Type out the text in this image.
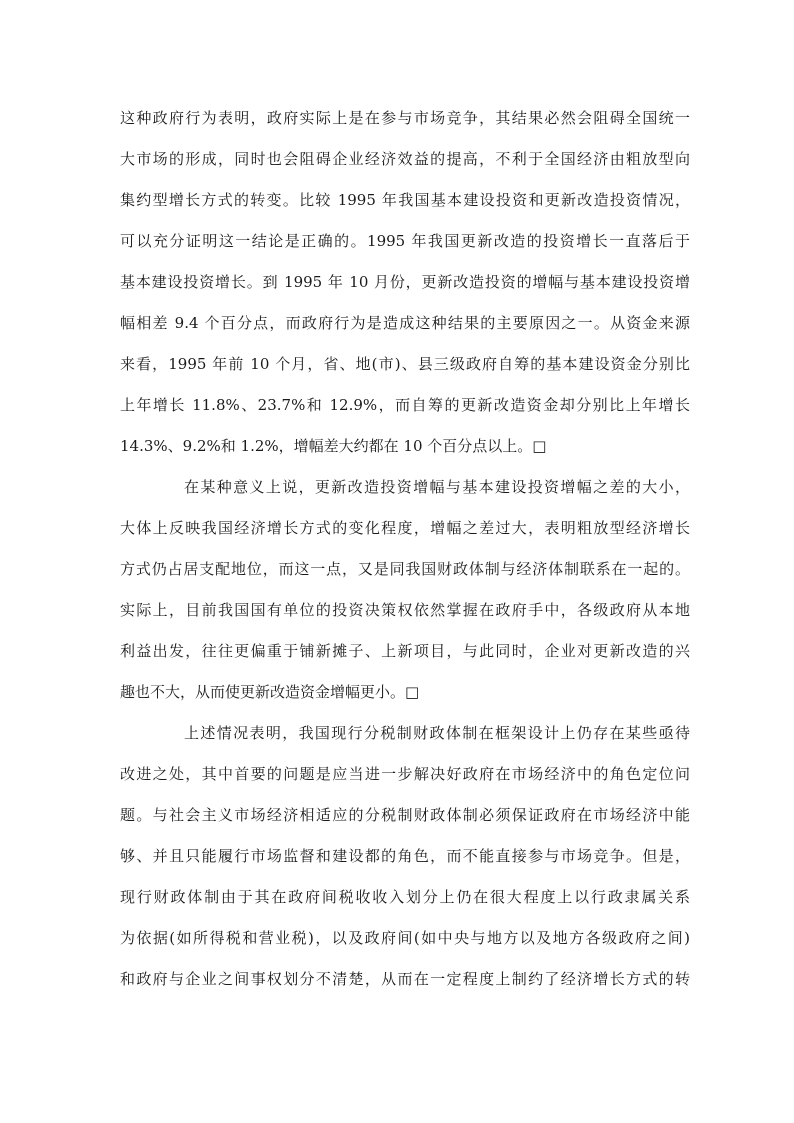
这种政府行为表明，政府实际上是在参与市场竞争，其结果必然会阻碍全国统一
大市场的形成，同时也会阻碍企业经济效益的提高，不利于全国经济由粗放型向
集约型增长方式的转变。比较 1995 年我国基本建设投资和更新改造投资情况，
可以充分证明这一结论是正确的。1995 年我国更新改造的投资增长一直落后于
基本建设投资增长。到 1995 年 10 月份，更新改造投资的增幅与基本建设投资增
幅相差 9.4 个百分点，而政府行为是造成这种结果的主要原因之一。从资金来源
来看，1995 年前 10 个月，省、地(市)、县三级政府自筹的基本建设资金分别比
上年增长 11.8%、23.7%和 12.9%，而自筹的更新改造资金却分别比上年增长
14.3%、9.2%和 1.2%，增幅差大约都在 10 个百分点以上。□
在某种意义上说，更新改造投资增幅与基本建设投资增幅之差的大小，
大体上反映我国经济增长方式的变化程度，增幅之差过大，表明粗放型经济增长
方式仍占居支配地位，而这一点，又是同我国财政体制与经济体制联系在一起的。
实际上，目前我国国有单位的投资决策权依然掌握在政府手中，各级政府从本地
利益出发，往往更偏重于铺新摊子、上新项目，与此同时，企业对更新改造的兴
趣也不大，从而使更新改造资金增幅更小。□
上述情况表明，我国现行分税制财政体制在框架设计上仍存在某些亟待
改进之处，其中首要的问题是应当进一步解决好政府在市场经济中的角色定位问
题。与社会主义市场经济相适应的分税制财政体制必须保证政府在市场经济中能
够、并且只能履行市场监督和建设都的角色，而不能直接参与市场竞争。但是，
现行财政体制由于其在政府间税收收入划分上仍在很大程度上以行政隶属关系
为依据(如所得税和营业税)，以及政府间(如中央与地方以及地方各级政府之间)
和政府与企业之间事权划分不清楚，从而在一定程度上制约了经济增长方式的转
